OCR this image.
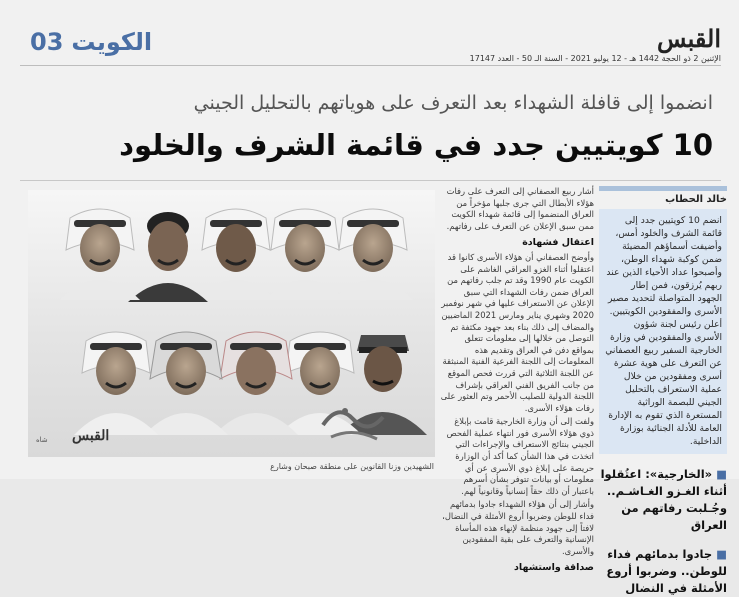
القبس
الإثنين 2 ذو الحجة 1442 هـ - 12 يوليو 2021 - السنة الـ 50 - العدد 17147
الكويت
03
انضموا إلى قافلة الشهداء بعد التعرف على هوياتهم بالتحليل الجيني
10 كويتيين جدد في قائمة الشرف والخلود
خالد الحطاب
انضم 10 كويتيين جدد إلى قائمة الشرف والخلود أمس، وأضيفت أسماؤهم المضيئة ضمن كوكبة شهداء الوطن، وأصبحوا عداد الأحياء الذين عند ربهم يُرزقون، فمن إطار الجهود المتواصلة لتحديد مصير الأسرى والمفقودين الكويتيين. أعلن رئيس لجنة شؤون الأسرى والمفقودين في وزارة الخارجية السفير ربيع العصفاني عن التعرف على هوية عشرة أسرى ومفقودين من خلال عملية الاستعراف بالتحليل الجيني للبصمة الوراثية المستعرة الذي تقوم به الإدارة العامة للأدلة الجنائية بوزارة الداخلية.
■ «الخارجية»: اعتُقلوا أثناء الغـزو الغـاشـم.. وجُـلبت رفاتهم من العراق
■ جادوا بدمائهم فداء للوطن.. وضربوا أروع الأمثلة في النضال

أشار ربيع العصفاني إلى التعرف على رفات هؤلاء الأبطال التي جرى جلبها مؤخراً من العراق المنضموا إلى قائمة شهداء الكويت ممن سبق الإعلان عن التعرف على رفاتهم.

اعتقال فشهادة

وأوضح العصفاني أن هؤلاء الأسرى كانوا قد اعتقلوا أثناء الغزو العراقي الغاشم على الكويت عام 1990 وقد تم جلب رفاتهم من العراق ضمن رفات الشهداء التي سبق الإعلان عن الاستعراف عليها في شهر نوفمبر 2020 وشهري يناير ومارس 2021 الماضيين والمضاف إلى ذلك بناء بعد جهود مكثفة تم التوصل من خلالها إلى معلومات تتعلق بمواقع دفن في العراق وتقديم هذه المعلومات إلى اللجنة الفرعية الفنية المنبثقة عن اللجنة الثلاثية التي قررت فحص الموقع من جانب الفريق الفني العراقي بإشراف اللجنة الدولية للصليب الأحمر وتم العثور على رفات هؤلاء الأسرى.

ولفت إلى أن وزارة الخارجية قامت بإبلاغ ذوي هؤلاء الأسرى فور انتهاء عملية الفحص الجيني بنتائج الاستعراف والإجراءات التي اتخذت في هذا الشأن كما أكد أن الوزارة حريصة على إبلاغ ذوي الأسرى عن أي معلومات أو بيانات تتوفر بشأن أسرهم باعتبار أن ذلك حقاً إنسانياً وقانونياً لهم.

وأشار إلى أن هؤلاء الشهداء جادوا بدمائهم فداء للوطن وضربوا أروع الأمثلة في النضال، لافتاً إلى جهود منظمة لإنهاء هذه المأساة الإنسانية والتعرف على بقية المفقودين والأسرى.

صداقة واستشهاد

القبس
شاه
الشهيدين وزنا القانوين على منطقة صبحان وشارع
